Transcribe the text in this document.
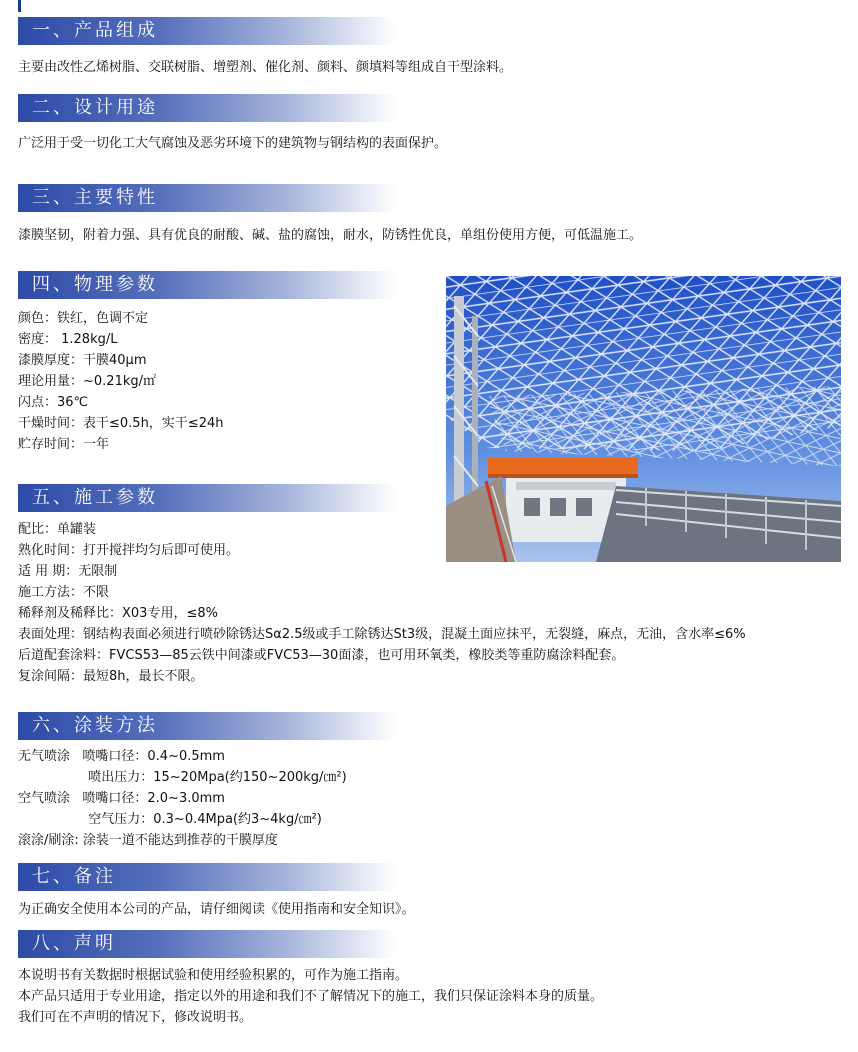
一、产品组成
主要由改性乙烯树脂、交联树脂、增塑剂、催化剂、颜料、颜填料等组成自干型涂料。
二、设计用途
广泛用于受一切化工大气腐蚀及恶劣环境下的建筑物与钢结构的表面保护。
三、主要特性
漆膜坚韧，附着力强、具有优良的耐酸、碱、盐的腐蚀，耐水，防锈性优良，单组份使用方便，可低温施工。
四、物理参数
颜色：铁红，色调不定
密度： 1.28kg/L
漆膜厚度：干膜40μm
理论用量：~0.21kg/㎡
闪点：36℃
干燥时间：表干≤0.5h，实干≤24h
贮存时间：一年
五、施工参数
配比：单罐装
熟化时间：打开搅拌均匀后即可使用。
适 用 期：无限制
施工方法：不限
稀释剂及稀释比：X03专用，≤8%
表面处理：钢结构表面必须进行喷砂除锈达Sα2.5级或手工除锈达St3级，混凝土面应抹平，无裂缝，麻点，无油，含水率≤6%
后道配套涂料：FVCS53—85云铁中间漆或FVC53—30面漆，也可用环氧类，橡胶类等重防腐涂料配套。
复涂间隔：最短8h，最长不限。
六、涂装方法
无气喷涂   喷嘴口径：0.4~0.5mm
喷出压力：15~20Mpa(约150~200kg/㎝²)
空气喷涂   喷嘴口径：2.0~3.0mm
空气压力：0.3~0.4Mpa(约3~4kg/㎝²)
滚涂/刷涂: 涂装一道不能达到推荐的干膜厚度
七、备注
为正确安全使用本公司的产品，请仔细阅读《使用指南和安全知识》。
八、声明
本说明书有关数据时根据试验和使用经验积累的，可作为施工指南。
本产品只适用于专业用途，指定以外的用途和我们不了解情况下的施工，我们只保证涂料本身的质量。
我们可在不声明的情况下，修改说明书。
